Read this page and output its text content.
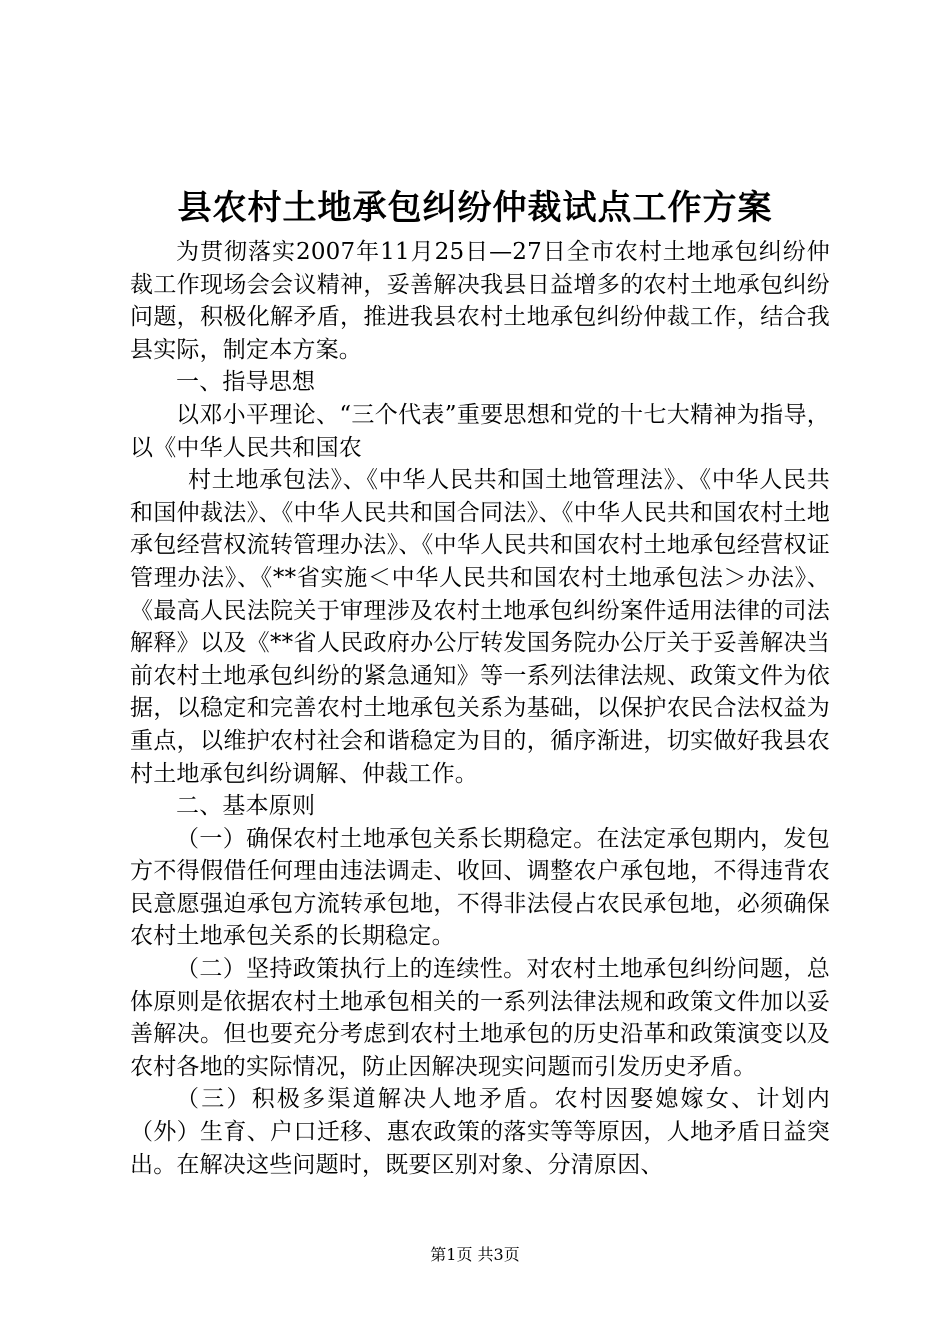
县农村土地承包纠纷仲裁试点工作方案

为贯彻落实2007年11月25日—27日全市农村土地承包纠纷仲裁工作现场会会议精神，妥善解决我县日益增多的农村土地承包纠纷问题，积极化解矛盾，推进我县农村土地承包纠纷仲裁工作，结合我县实际，制定本方案。

一、指导思想

以邓小平理论、“三个代表”重要思想和党的十七大精神为指导，以《中华人民共和国农

村土地承包法》、《中华人民共和国土地管理法》、《中华人民共和国仲裁法》、《中华人民共和国合同法》、《中华人民共和国农村土地承包经营权流转管理办法》、《中华人民共和国农村土地承包经营权证管理办法》、《**省实施＜中华人民共和国农村土地承包法＞办法》、《最高人民法院关于审理涉及农村土地承包纠纷案件适用法律的司法解释》以及《**省人民政府办公厅转发国务院办公厅关于妥善解决当前农村土地承包纠纷的紧急通知》等一系列法律法规、政策文件为依据，以稳定和完善农村土地承包关系为基础，以保护农民合法权益为重点，以维护农村社会和谐稳定为目的，循序渐进，切实做好我县农村土地承包纠纷调解、仲裁工作。

二、基本原则

（一）确保农村土地承包关系长期稳定。在法定承包期内，发包方不得假借任何理由违法调走、收回、调整农户承包地，不得违背农民意愿强迫承包方流转承包地，不得非法侵占农民承包地，必须确保农村土地承包关系的长期稳定。

（二）坚持政策执行上的连续性。对农村土地承包纠纷问题，总体原则是依据农村土地承包相关的一系列法律法规和政策文件加以妥善解决。但也要充分考虑到农村土地承包的历史沿革和政策演变以及农村各地的实际情况，防止因解决现实问题而引发历史矛盾。

（三）积极多渠道解决人地矛盾。农村因娶媳嫁女、计划内（外）生育、户口迁移、惠农政策的落实等等原因，人地矛盾日益突出。在解决这些问题时，既要区别对象、分清原因、

第1页 共3页
